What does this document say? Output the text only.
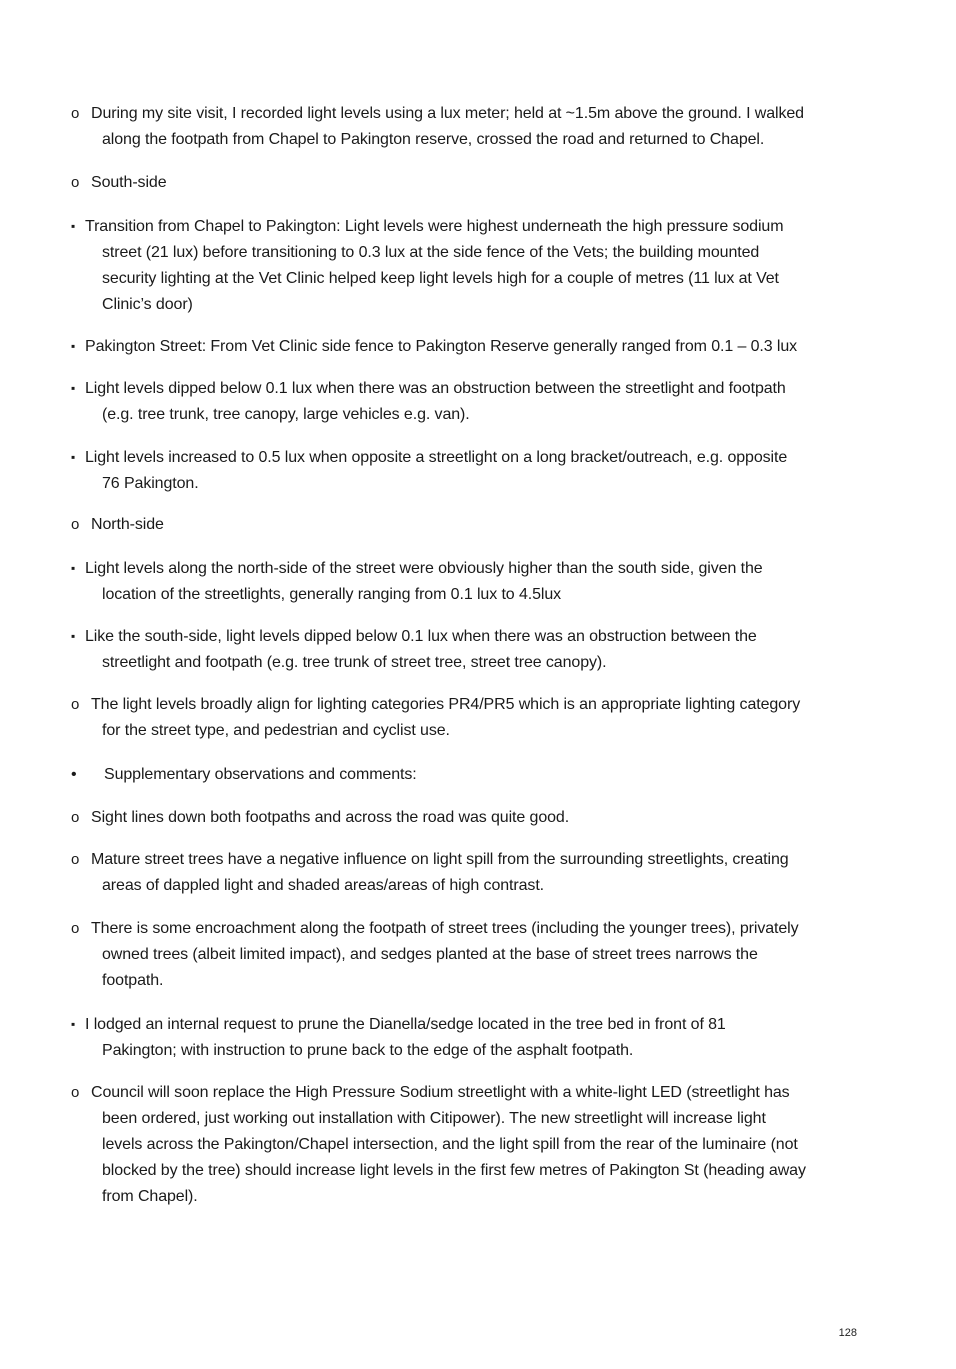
o During my site visit, I recorded light levels using a lux meter; held at ~1.5m above the ground. I walked
along the footpath from Chapel to Pakington reserve, crossed the road and returned to Chapel.
o South-side
▪ Transition from Chapel to Pakington: Light levels were highest underneath the high pressure sodium
street (21 lux) before transitioning to 0.3 lux at the side fence of the Vets; the building mounted
security lighting at the Vet Clinic helped keep light levels high for a couple of metres (11 lux at Vet
Clinic’s door)
▪ Pakington Street: From Vet Clinic side fence to Pakington Reserve generally ranged from 0.1 – 0.3 lux
▪ Light levels dipped below 0.1 lux when there was an obstruction between the streetlight and footpath
(e.g. tree trunk, tree canopy, large vehicles e.g. van).
▪ Light levels increased to 0.5 lux when opposite a streetlight on a long bracket/outreach, e.g. opposite
76 Pakington.
o North-side
▪ Light levels along the north-side of the street were obviously higher than the south side, given the
location of the streetlights, generally ranging from 0.1 lux to 4.5lux
▪ Like the south-side, light levels dipped below 0.1 lux when there was an obstruction between the
streetlight and footpath (e.g. tree trunk of street tree, street tree canopy).
o The light levels broadly align for lighting categories PR4/PR5 which is an appropriate lighting category
for the street type, and pedestrian and cyclist use.
• Supplementary observations and comments:
o Sight lines down both footpaths and across the road was quite good.
o Mature street trees have a negative influence on light spill from the surrounding streetlights, creating
areas of dappled light and shaded areas/areas of high contrast.
o There is some encroachment along the footpath of street trees (including the younger trees), privately
owned trees (albeit limited impact), and sedges planted at the base of street trees narrows the
footpath.
▪ I lodged an internal request to prune the Dianella/sedge located in the tree bed in front of 81
Pakington; with instruction to prune back to the edge of the asphalt footpath.
o Council will soon replace the High Pressure Sodium streetlight with a white-light LED (streetlight has
been ordered, just working out installation with Citipower). The new streetlight will increase light
levels across the Pakington/Chapel intersection, and the light spill from the rear of the luminaire (not
blocked by the tree) should increase light levels in the first few metres of Pakington St (heading away
from Chapel).
128
